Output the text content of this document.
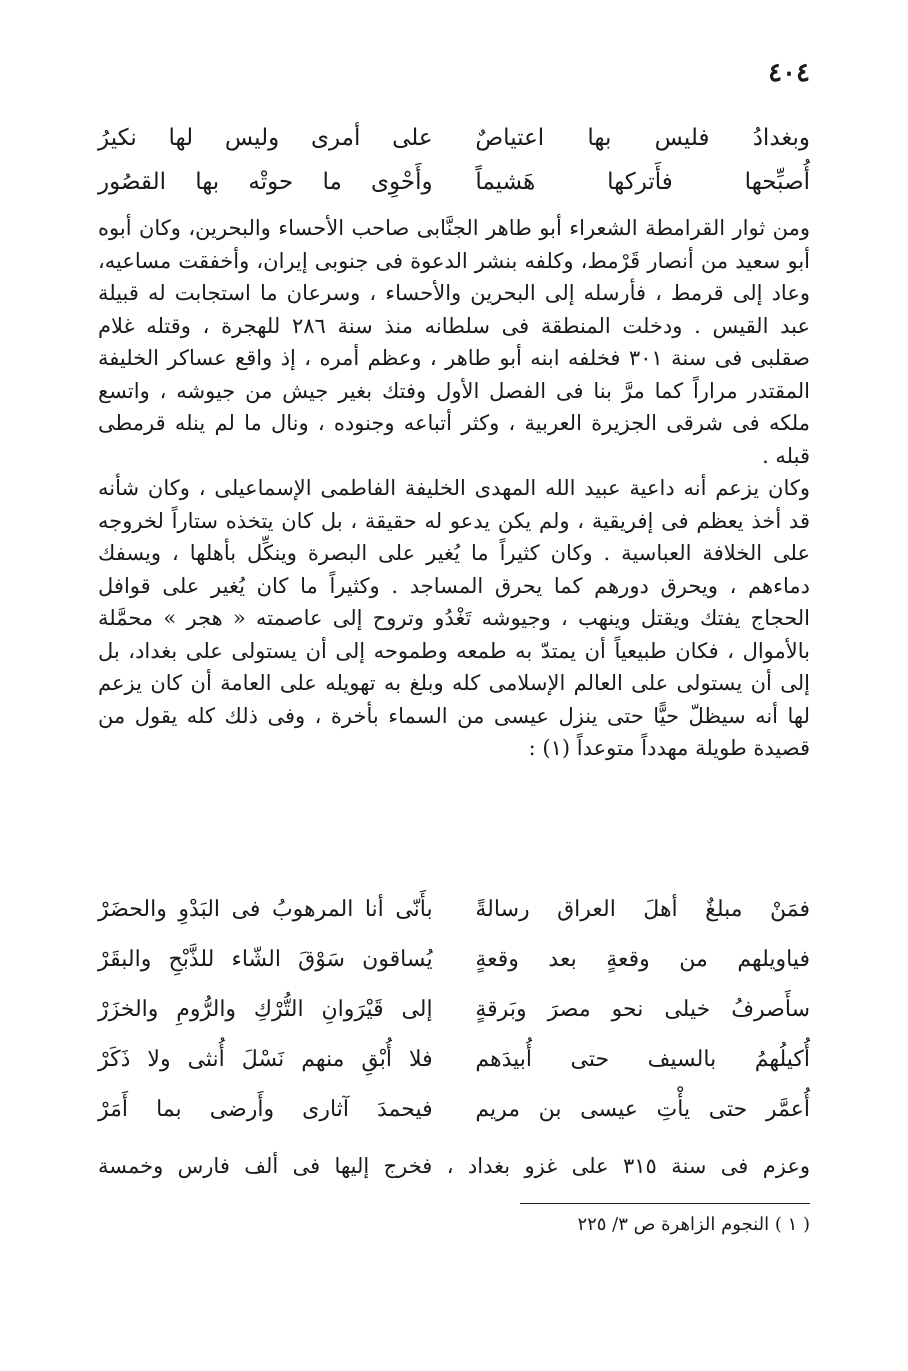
٤٠٤
وبغدادُ فليس بها اعتياصٌ
على أمرى وليس لها نكيرُ
أُصبِّحها فأَتركها هَشيماً
وأَحْوِى ما حوتْه بها القصُور

ومن ثوار القرامطة الشعراء أبو طاهر الجنَّابى صاحب الأحساء والبحرين، وكان أبوه أبو سعيد من أنصار قَرْمط، وكلفه بنشر الدعوة فى جنوبى إيران، وأخفقت مساعيه، وعاد إلى قرمط ، فأرسله إلى البحرين والأحساء ، وسرعان ما استجابت له قبيلة عبد القيس . ودخلت المنطقة فى سلطانه منذ سنة ٢٨٦ للهجرة ، وقتله غلام صقلبى فى سنة ٣٠١ فخلفه ابنه أبو طاهر ، وعظم أمره ، إذ واقع عساكر الخليفة المقتدر مراراً كما مرَّ بنا فى الفصل الأول وفتك بغير جيش من جيوشه ، واتسع ملكه فى شرقى الجزيرة العربية ، وكثر أتباعه وجنوده ، ونال ما لم ينله قرمطى قبله .

وكان يزعم أنه داعية عبيد الله المهدى الخليفة الفاطمى الإسماعيلى ، وكان شأنه قد أخذ يعظم فى إفريقية ، ولم يكن يدعو له حقيقة ، بل كان يتخذه ستاراً لخروجه على الخلافة العباسية . وكان كثيراً ما يُغير على البصرة وينكِّل بأهلها ، ويسفك دماءهم ، ويحرق دورهم كما يحرق المساجد . وكثيراً ما كان يُغير على قوافل الحجاج يفتك ويقتل وينهب ، وجيوشه تَغْدُو وتروح إلى عاصمته « هجر » محمَّلة بالأموال ، فكان طبيعياً أن يمتدّ به طمعه وطموحه إلى أن يستولى على بغداد، بل إلى أن يستولى على العالم الإسلامى كله وبلغ به تهويله على العامة أن كان يزعم لها أنه سيظلّ حيًّا حتى ينزل عيسى من السماء بأخرة ، وفى ذلك كله يقول من قصيدة طويلة مهدداً متوعداً (١) :

فمَنْ مبلغٌ أهلَ العراق رسالةً
بأَنّى أنا المرهوبُ فى البَدْوِ والحضَرْ
فياويلهم من وقعةٍ بعد وقعةٍ
يُساقون سَوْقَ الشّاء للذَّبْحِ والبقَرْ
سأَصرفُ خيلى نحو مصرَ وبَرقةٍ
إلى قَيْرَوانِ التُّرْكِ والرُّومِ والخزَرْ
أُكيلُهمُ بالسيف حتى أُبيدَهم
فلا أُبْقِ منهم نَسْلَ أُنثى ولا ذَكَرْ
أُعمَّر حتى يأْتِ عيسى بن مريم
فيحمدَ آثارى وأَرضى بما أَمَرْ
وعزم فى سنة ٣١٥ على غزو بغداد ، فخرج إليها فى ألف فارس وخمسة
( ١ ) النجوم الزاهرة ص ٣/ ٢٢٥
